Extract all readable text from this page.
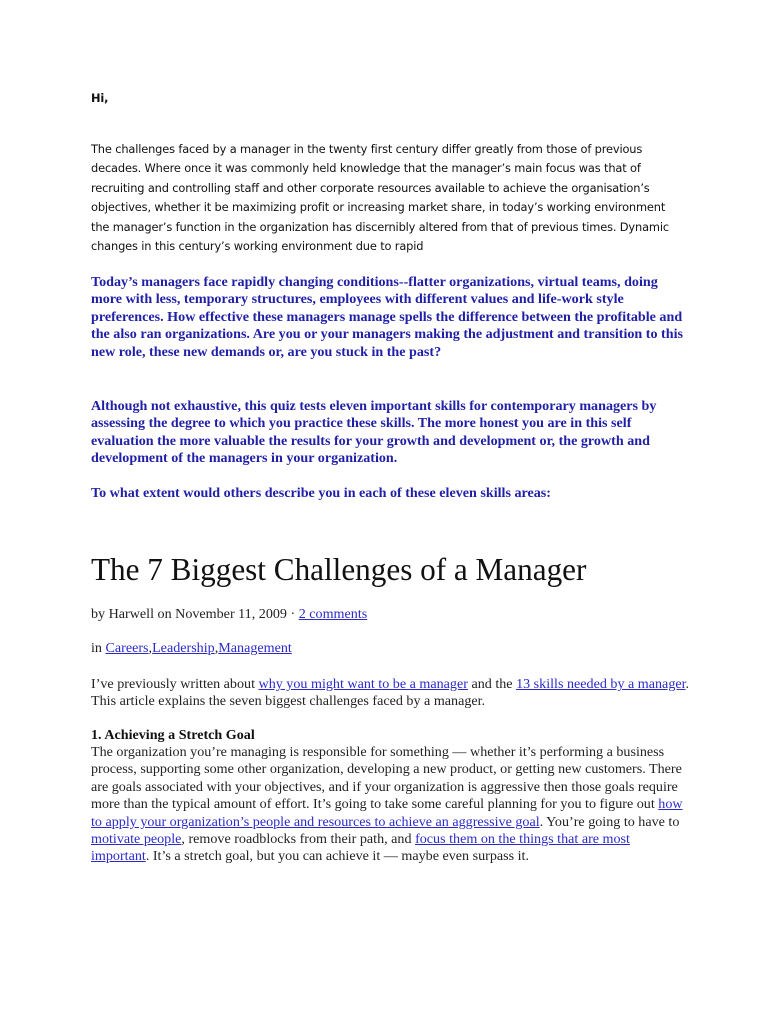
Hi,
The challenges faced by a manager in the twenty first century differ greatly from those of previous decades. Where once it was commonly held knowledge that the manager’s main focus was that of recruiting and controlling staff and other corporate resources available to achieve the organisation’s objectives, whether it be maximizing profit or increasing market share, in today’s working environment the manager’s function in the organization has discernibly altered from that of previous times. Dynamic changes in this century’s working environment due to rapid
Today’s managers face rapidly changing conditions--flatter organizations, virtual teams, doing more with less, temporary structures, employees with different values and life-work style preferences. How effective these managers manage spells the difference between the profitable and the also ran organizations. Are you or your managers making the adjustment and transition to this new role, these new demands or, are you stuck in the past?
Although not exhaustive, this quiz tests eleven important skills for contemporary managers by assessing the degree to which you practice these skills. The more honest you are in this self evaluation the more valuable the results for your growth and development or, the growth and development of the managers in your organization.
To what extent would others describe you in each of these eleven skills areas:
The 7 Biggest Challenges of a Manager
by Harwell on November 11, 2009 · 2 comments
in Careers,Leadership,Management
I’ve previously written about why you might want to be a manager and the 13 skills needed by a manager. This article explains the seven biggest challenges faced by a manager.
1. Achieving a Stretch Goal
The organization you’re managing is responsible for something — whether it’s performing a business process, supporting some other organization, developing a new product, or getting new customers. There are goals associated with your objectives, and if your organization is aggressive then those goals require more than the typical amount of effort. It’s going to take some careful planning for you to figure out how to apply your organization’s people and resources to achieve an aggressive goal. You’re going to have to motivate people, remove roadblocks from their path, and focus them on the things that are most important. It’s a stretch goal, but you can achieve it — maybe even surpass it.
